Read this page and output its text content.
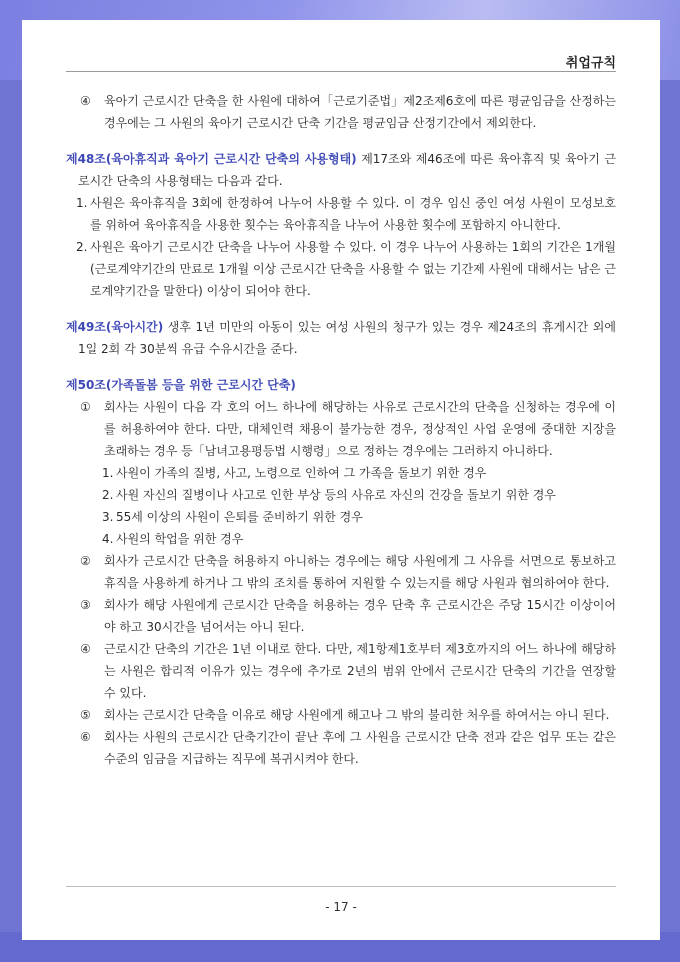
취업규칙
④ 육아기 근로시간 단축을 한 사원에 대하여「근로기준법」제2조제6호에 따른 평균임금을 산정하는 경우에는 그 사원의 육아기 근로시간 단축 기간을 평균임금 산정기간에서 제외한다.
제48조(육아휴직과 육아기 근로시간 단축의 사용형태) 제17조와 제46조에 따른 육아휴직 및 육아기 근로시간 단축의 사용형태는 다음과 같다.
1. 사원은 육아휴직을 3회에 한정하여 나누어 사용할 수 있다. 이 경우 임신 중인 여성 사원이 모성보호를 위하여 육아휴직을 사용한 횟수는 육아휴직을 나누어 사용한 횟수에 포함하지 아니한다.
2. 사원은 육아기 근로시간 단축을 나누어 사용할 수 있다. 이 경우 나누어 사용하는 1회의 기간은 1개월(근로계약기간의 만료로 1개월 이상 근로시간 단축을 사용할 수 없는 기간제 사원에 대해서는 남은 근로계약기간을 말한다) 이상이 되어야 한다.
제49조(육아시간) 생후 1년 미만의 아동이 있는 여성 사원의 청구가 있는 경우 제24조의 휴게시간 외에 1일 2회 각 30분씩 유급 수유시간을 준다.
제50조(가족돌봄 등을 위한 근로시간 단축)
① 회사는 사원이 다음 각 호의 어느 하나에 해당하는 사유로 근로시간의 단축을 신청하는 경우에 이를 허용하여야 한다. 다만, 대체인력 채용이 불가능한 경우, 정상적인 사업 운영에 중대한 지장을 초래하는 경우 등「남녀고용평등법 시행령」으로 정하는 경우에는 그러하지 아니하다.
1. 사원이 가족의 질병, 사고, 노령으로 인하여 그 가족을 돌보기 위한 경우
2. 사원 자신의 질병이나 사고로 인한 부상 등의 사유로 자신의 건강을 돌보기 위한 경우
3. 55세 이상의 사원이 은퇴를 준비하기 위한 경우
4. 사원의 학업을 위한 경우
② 회사가 근로시간 단축을 허용하지 아니하는 경우에는 해당 사원에게 그 사유를 서면으로 통보하고 휴직을 사용하게 하거나 그 밖의 조치를 통하여 지원할 수 있는지를 해당 사원과 협의하여야 한다.
③ 회사가 해당 사원에게 근로시간 단축을 허용하는 경우 단축 후 근로시간은 주당 15시간 이상이어야 하고 30시간을 넘어서는 아니 된다.
④ 근로시간 단축의 기간은 1년 이내로 한다. 다만, 제1항제1호부터 제3호까지의 어느 하나에 해당하는 사원은 합리적 이유가 있는 경우에 추가로 2년의 범위 안에서 근로시간 단축의 기간을 연장할 수 있다.
⑤ 회사는 근로시간 단축을 이유로 해당 사원에게 해고나 그 밖의 불리한 처우를 하여서는 아니 된다.
⑥ 회사는 사원의 근로시간 단축기간이 끝난 후에 그 사원을 근로시간 단축 전과 같은 업무 또는 같은 수준의 임금을 지급하는 직무에 복귀시켜야 한다.
- 17 -
